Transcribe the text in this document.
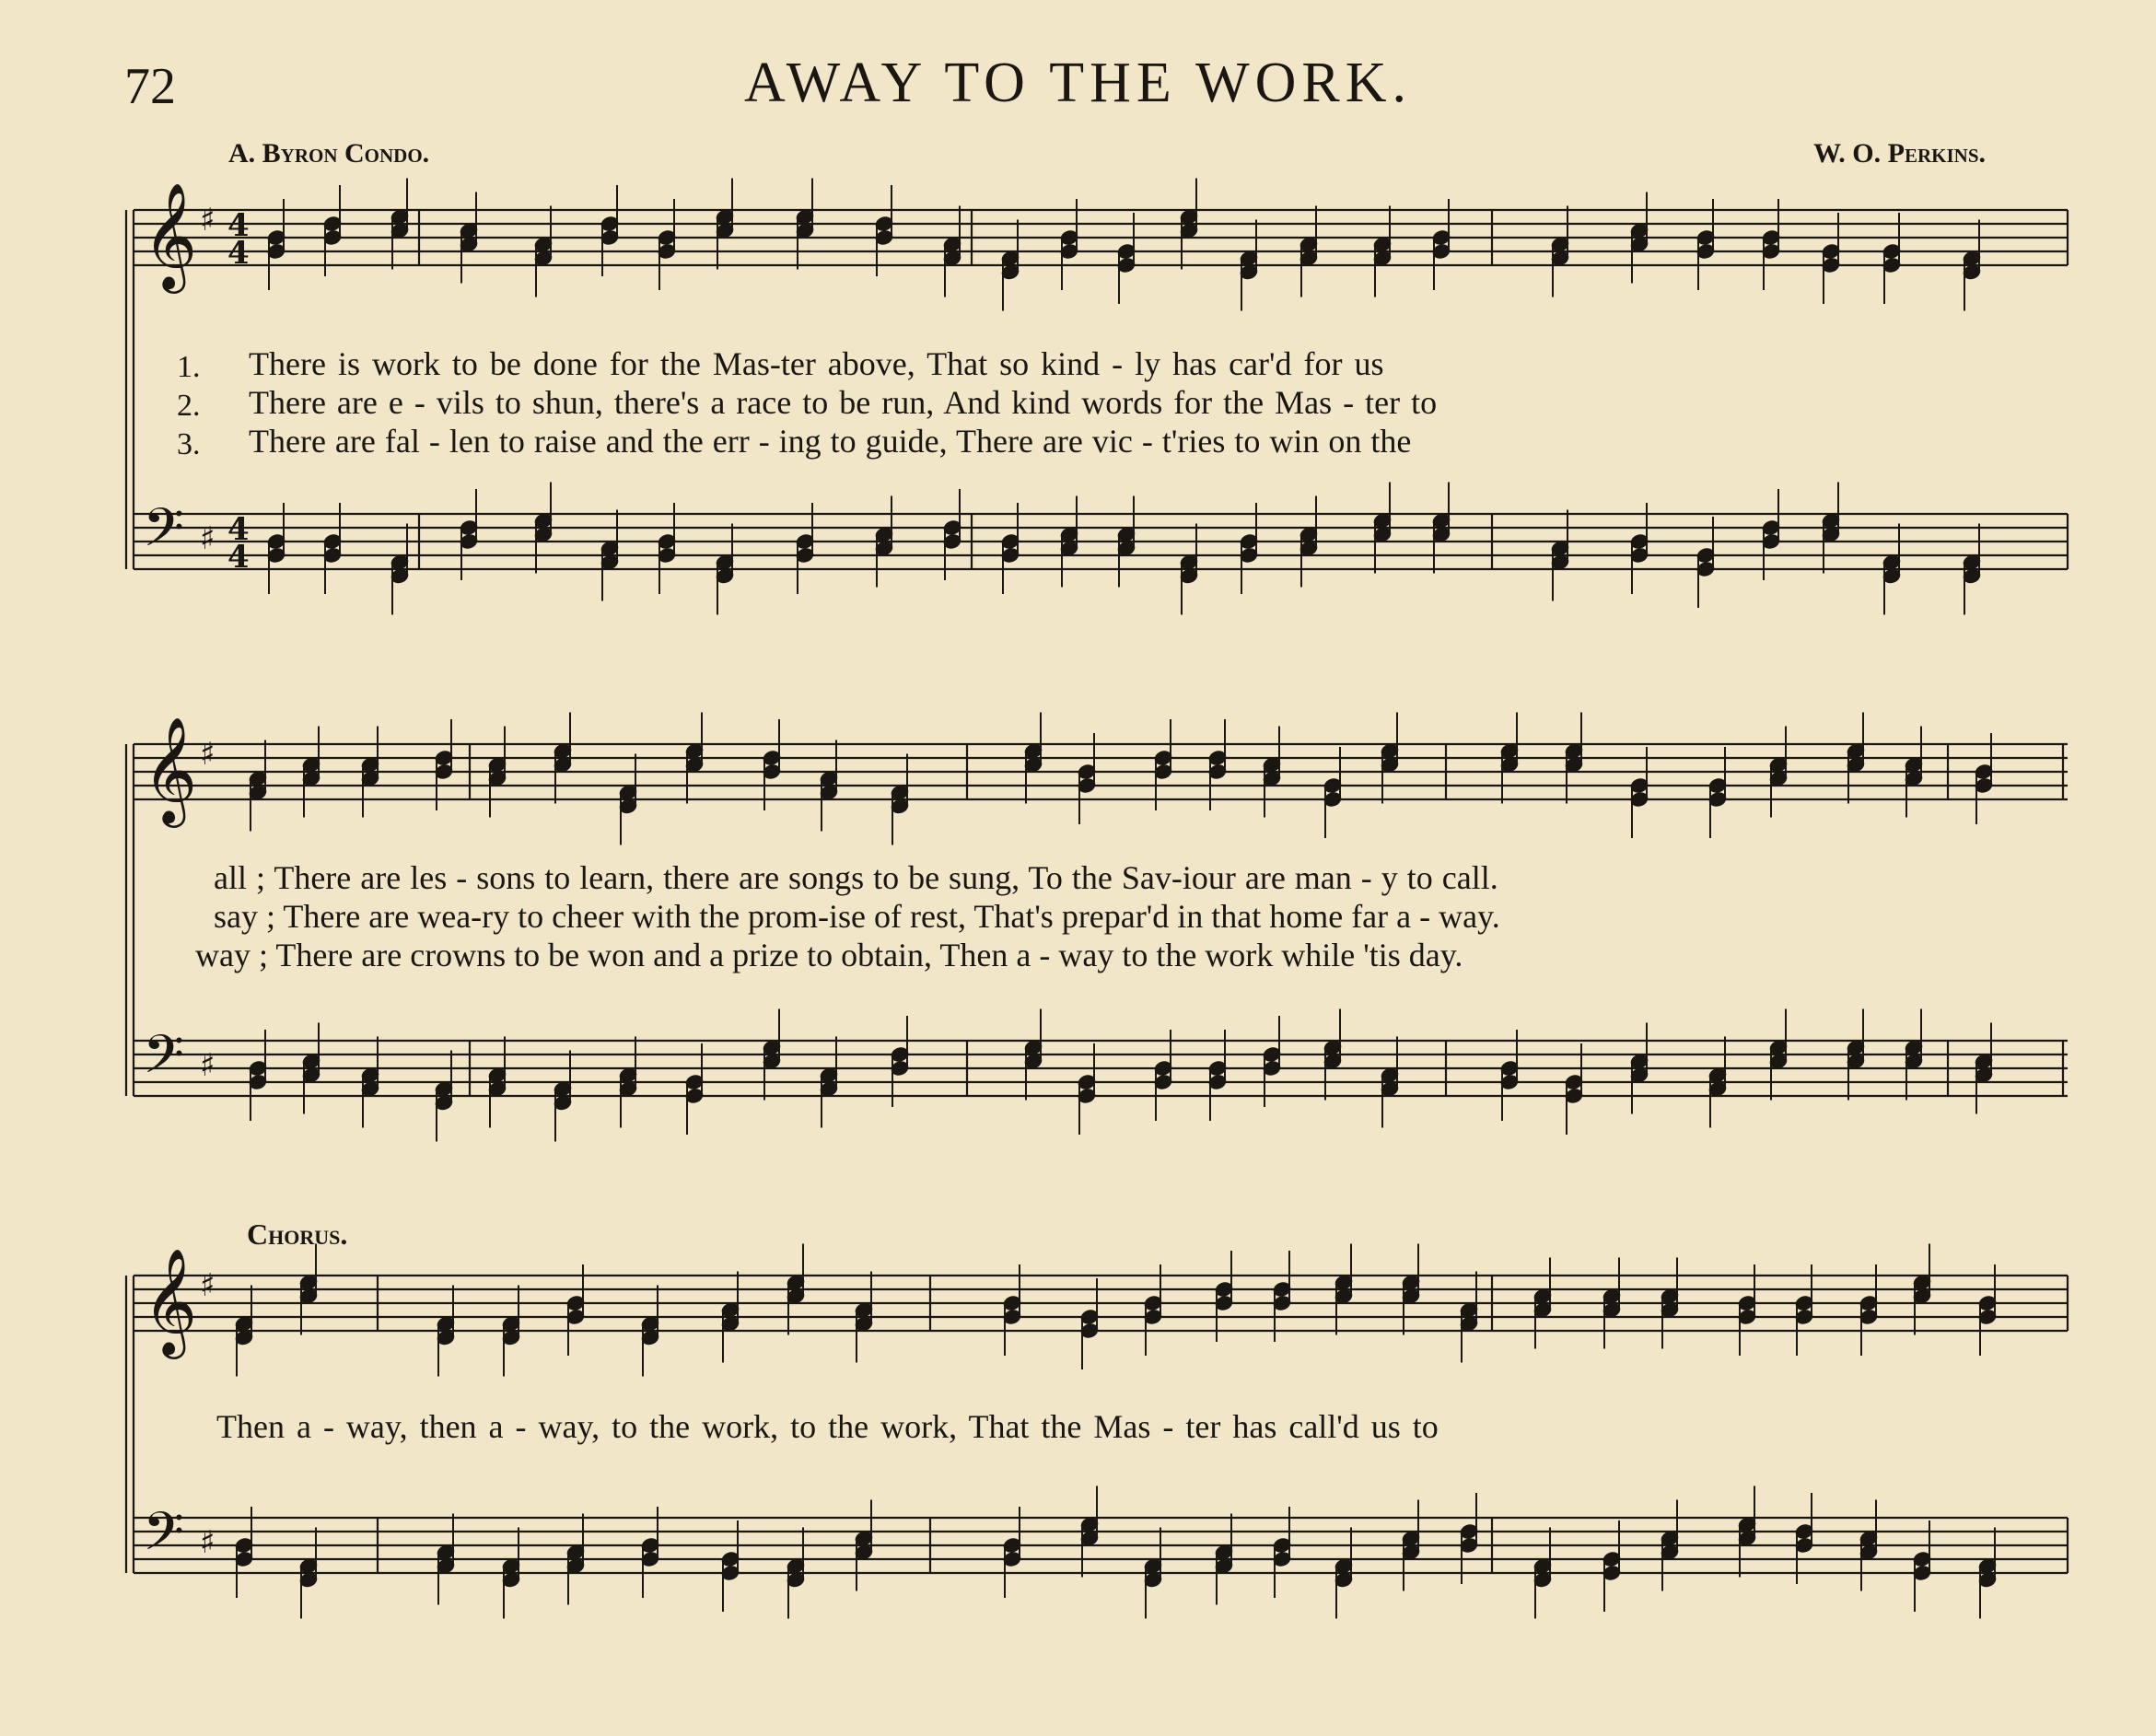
72	AWAY TO THE WORK.
A. Byron Condo.	W. O. Perkins.
𝄞 ♯ 4
4
𝄢 ♯ 4
4
𝄞 ♯
𝄢 ♯
𝄞 ♯
𝄢 ♯
1.
2.
3.
There is work to be done for the Mas-ter above, That so kind - ly has car'd for us
There are e - vils to shun, there's a race to be run, And kind words for the Mas - ter to
There are fal - len to raise and the err - ing to guide, There are vic - t'ries to win on the
all ; There are les - sons to learn, there are songs to be sung, To the Sav-iour are man - y to call.
say ; There are wea-ry to cheer with the prom-ise of rest, That's prepar'd in that home far a - way.
way ; There are crowns to be won and a prize to obtain, Then a - way to the work while 'tis day.
Chorus.
Then a - way, then a - way, to the work, to the work, That the Mas - ter has call'd us to
